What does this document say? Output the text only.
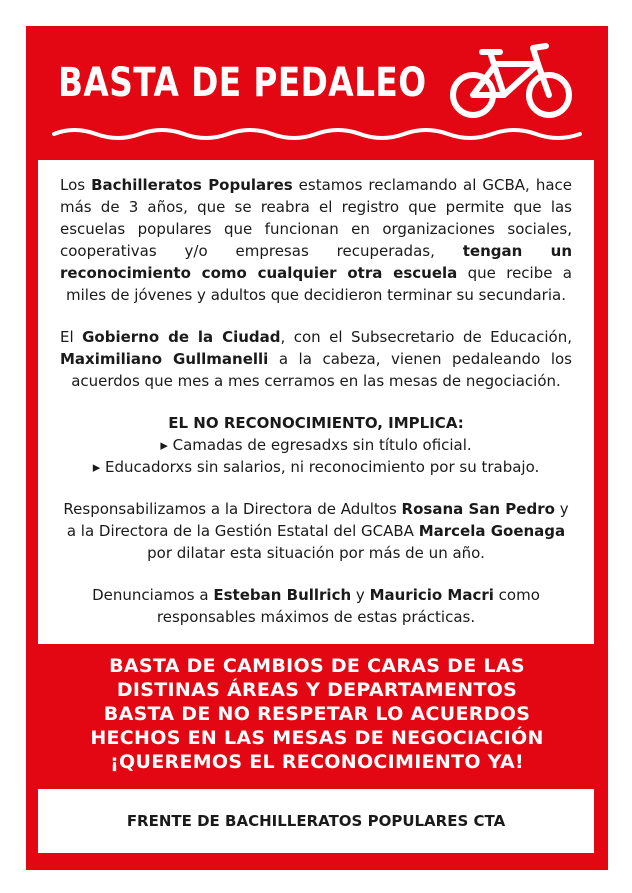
BASTA DE PEDALEO

Los Bachilleratos Populares estamos reclamando al GCBA, hace más de 3 años, que se reabra el registro que permite que las escuelas populares que funcionan en organizaciones sociales, cooperativas y/o empresas recuperadas, tengan un reconocimiento como cualquier otra escuela que recibe a miles de jóvenes y adultos que decidieron terminar su secundaria.

El Gobierno de la Ciudad, con el Subsecretario de Educación, Maximiliano Gullmanelli a la cabeza, vienen pedaleando los acuerdos que mes a mes cerramos en las mesas de negociación.

EL NO RECONOCIMIENTO, IMPLICA:
▸ Camadas de egresadxs sin título oficial.
▸ Educadorxs sin salarios, ni reconocimiento por su trabajo.

Responsabilizamos a la Directora de Adultos Rosana San Pedro y a la Directora de la Gestión Estatal del GCABA Marcela Goenaga por dilatar esta situación por más de un año.

Denunciamos a Esteban Bullrich y Mauricio Macri como responsables máximos de estas prácticas.

BASTA DE CAMBIOS DE CARAS DE LAS
DISTINAS ÁREAS Y DEPARTAMENTOS
BASTA DE NO RESPETAR LO ACUERDOS
HECHOS EN LAS MESAS DE NEGOCIACIÓN
¡QUEREMOS EL RECONOCIMIENTO YA!
FRENTE DE BACHILLERATOS POPULARES CTA
